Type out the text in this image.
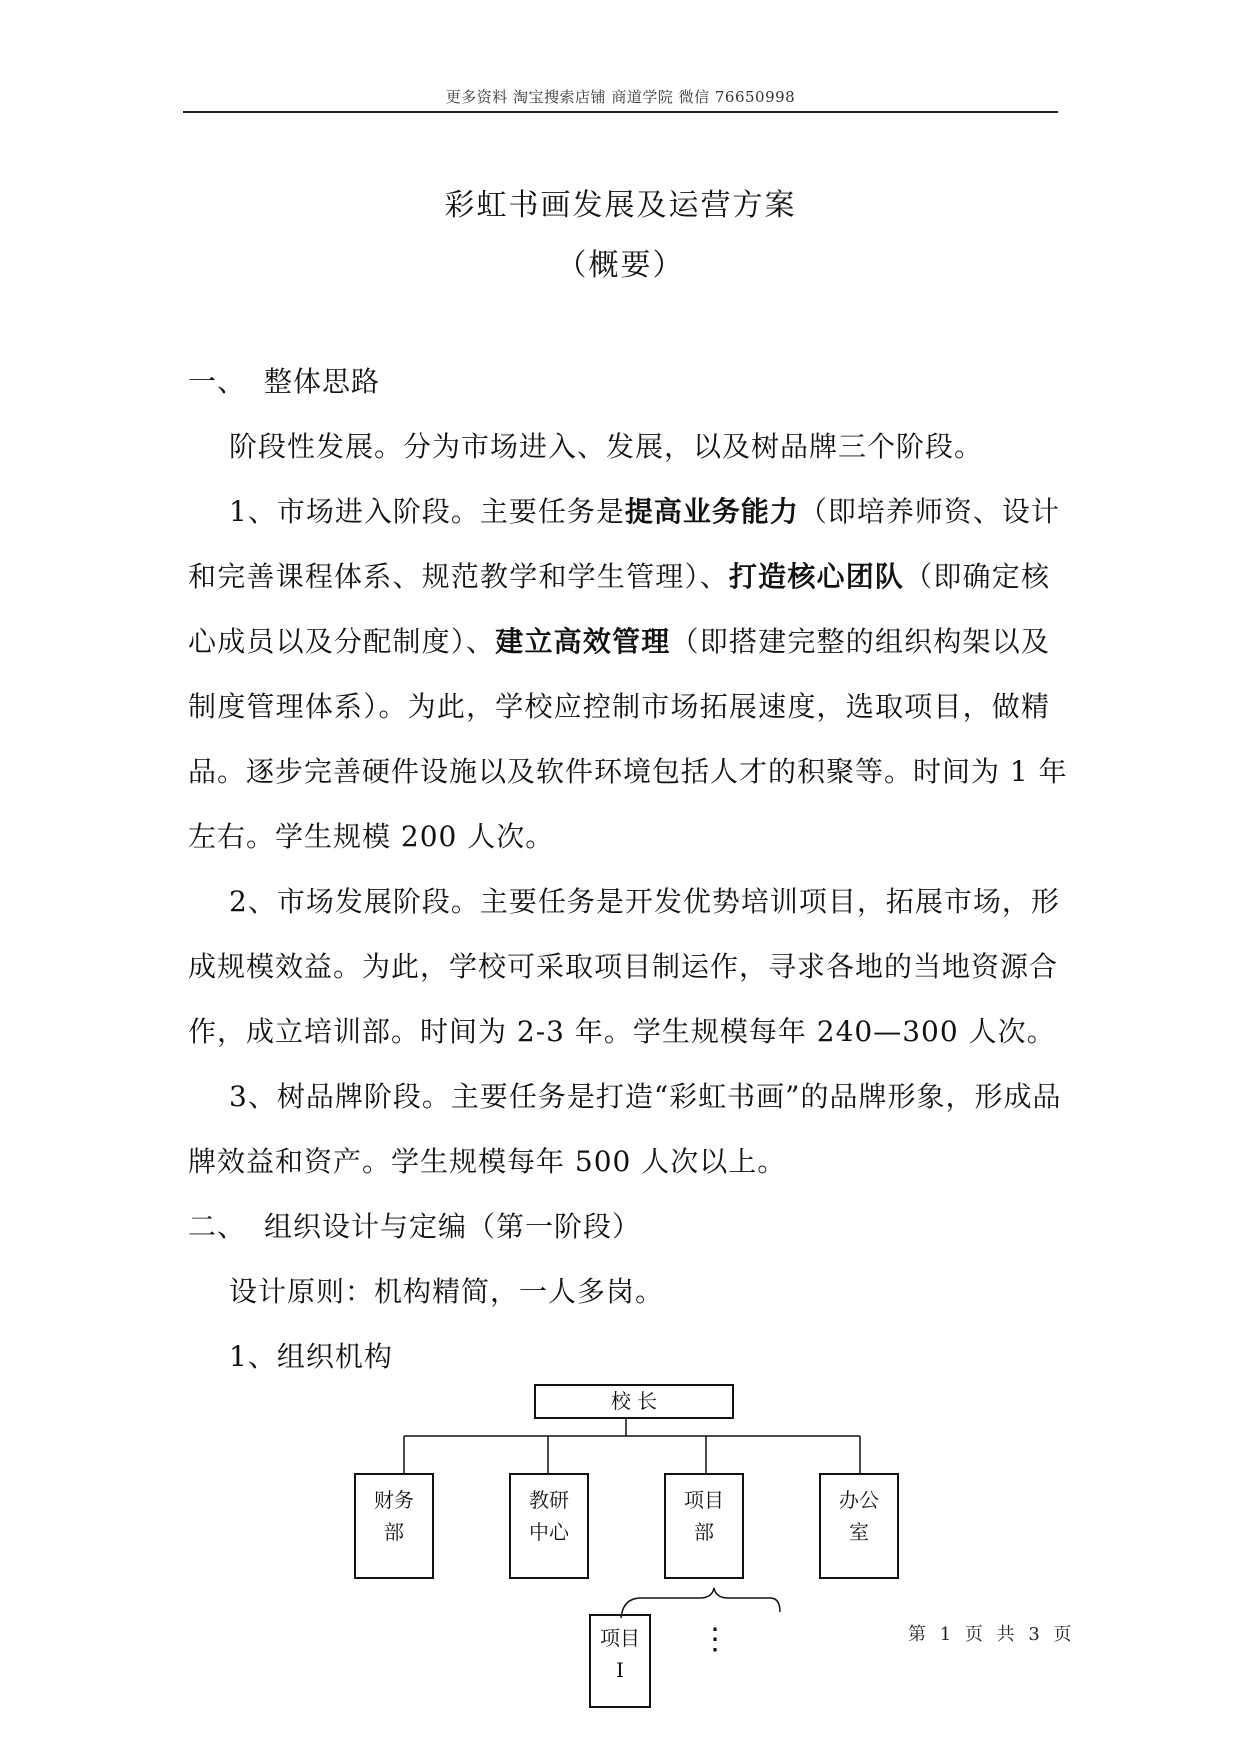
更多资料 淘宝搜索店铺 商道学院 微信 76650998
彩虹书画发展及运营方案
（概要）
一、 整体思路
阶段性发展。分为市场进入、发展，以及树品牌三个阶段。
1、市场进入阶段。主要任务是提高业务能力（即培养师资、设计
和完善课程体系、规范教学和学生管理）、打造核心团队（即确定核
心成员以及分配制度）、建立高效管理（即搭建完整的组织构架以及
制度管理体系）。为此，学校应控制市场拓展速度，选取项目，做精
品。逐步完善硬件设施以及软件环境包括人才的积聚等。时间为 1 年
左右。学生规模 200 人次。
2、市场发展阶段。主要任务是开发优势培训项目，拓展市场，形
成规模效益。为此，学校可采取项目制运作，寻求各地的当地资源合
作，成立培训部。时间为 2-3 年。学生规模每年 240—300 人次。
3、树品牌阶段。主要任务是打造“彩虹书画”的品牌形象，形成品
牌效益和资产。学生规模每年 500 人次以上。
二、 组织设计与定编（第一阶段）
设计原则：机构精简，一人多岗。
1、组织机构
校 长
财务
部
教研
中心
项目
部
办公
室
项目
I
⋮	第 1 页 共 3 页
